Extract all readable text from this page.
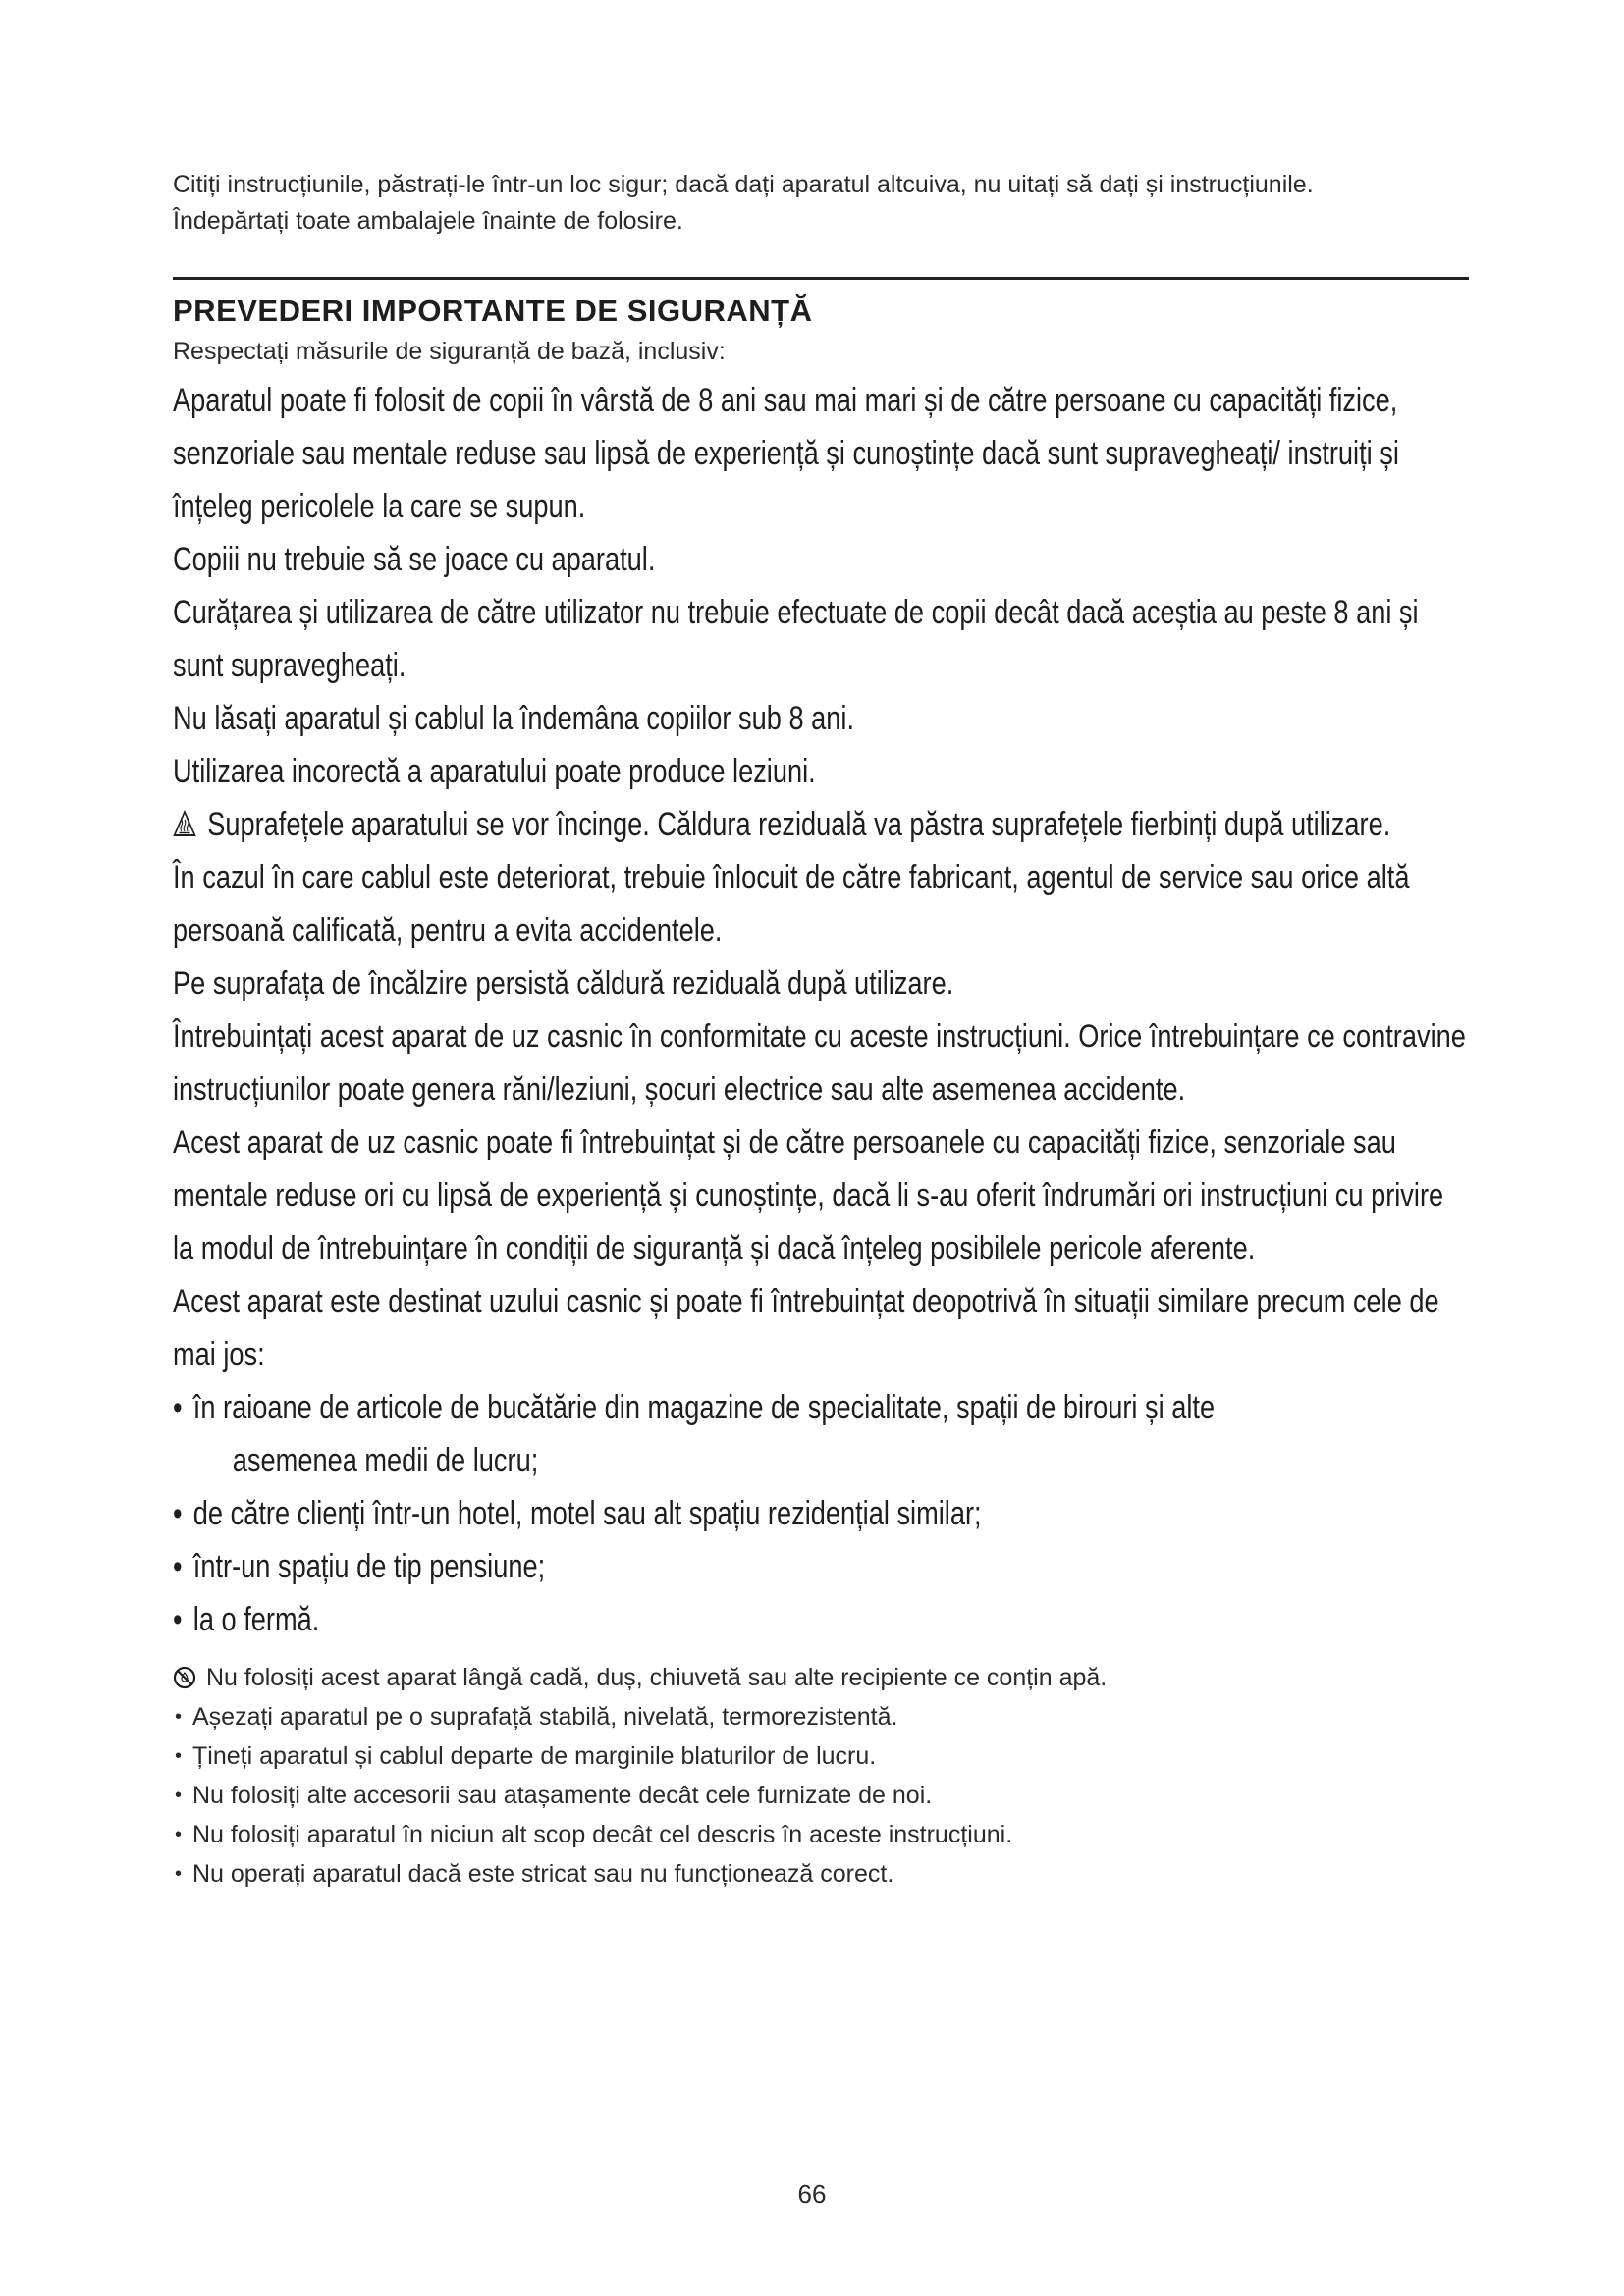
Citiți instrucțiunile, păstrați-le într-un loc sigur; dacă dați aparatul altcuiva, nu uitați să dați și instrucțiunile.

Îndepărtați toate ambalajele înainte de folosire.

PREVEDERI IMPORTANTE DE SIGURANȚĂ

Respectați măsurile de siguranță de bază, inclusiv:

Aparatul poate fi folosit de copii în vârstă de 8 ani sau mai mari și de către persoane cu capacități fizice, senzoriale sau mentale reduse sau lipsă de experiență și cunoștințe dacă sunt supravegheați/ instruiți și înțeleg pericolele la care se supun.

Copiii nu trebuie să se joace cu aparatul.

Curățarea și utilizarea de către utilizator nu trebuie efectuate de copii decât dacă aceștia au peste 8 ani și sunt supravegheați.

Nu lăsați aparatul și cablul la îndemâna copiilor sub 8 ani.

Utilizarea incorectă a aparatului poate produce leziuni.

Suprafețele aparatului se vor încinge. Căldura reziduală va păstra suprafețele fierbinți după utilizare.

În cazul în care cablul este deteriorat, trebuie înlocuit de către fabricant, agentul de service sau orice altă persoană calificată, pentru a evita accidentele.

Pe suprafața de încălzire persistă căldură reziduală după utilizare.

Întrebuințați acest aparat de uz casnic în conformitate cu aceste instrucțiuni. Orice întrebuințare ce contravine instrucțiunilor poate genera răni/leziuni, șocuri electrice sau alte asemenea accidente.

Acest aparat de uz casnic poate fi întrebuințat și de către persoanele cu capacități fizice, senzoriale sau mentale reduse ori cu lipsă de experiență și cunoștințe, dacă li s-au oferit îndrumări ori instrucțiuni cu privire la modul de întrebuințare în condiții de siguranță și dacă înțeleg posibilele pericole aferente.

Acest aparat este destinat uzului casnic și poate fi întrebuințat deopotrivă în situații similare precum cele de mai jos:

• în raioane de articole de bucătărie din magazine de specialitate, spații de birouri și alte
asemenea medii de lucru;
• de către clienți într-un hotel, motel sau alt spațiu rezidențial similar;
• într-un spațiu de tip pensiune;
• la o fermă.

Nu folosiți acest aparat lângă cadă, duș, chiuvetă sau alte recipiente ce conțin apă.

• Așezați aparatul pe o suprafață stabilă, nivelată, termorezistentă.
• Țineți aparatul și cablul departe de marginile blaturilor de lucru.
• Nu folosiți alte accesorii sau atașamente decât cele furnizate de noi.
• Nu folosiți aparatul în niciun alt scop decât cel descris în aceste instrucțiuni.
• Nu operați aparatul dacă este stricat sau nu funcționează corect.
66
